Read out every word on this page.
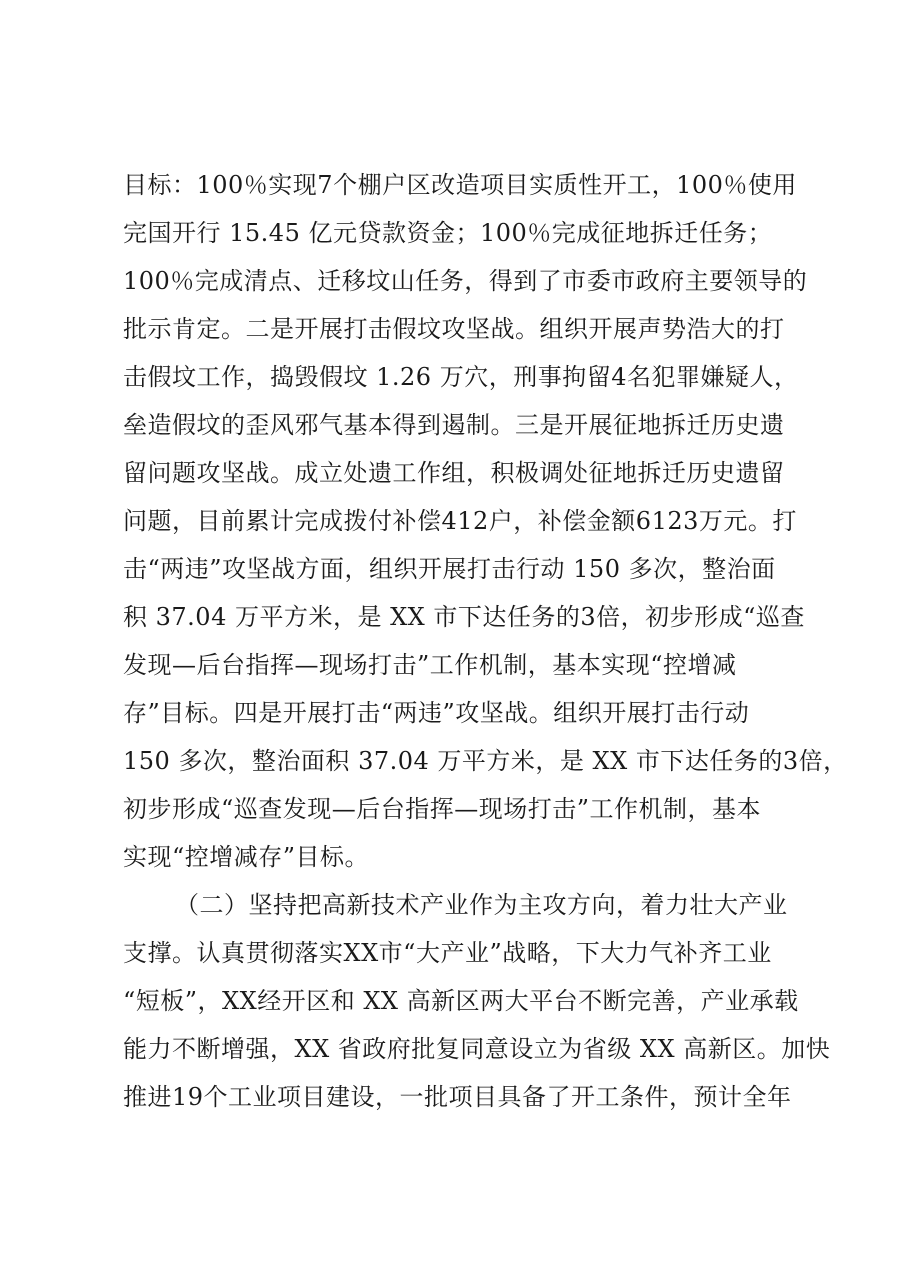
目标：100％实现7个棚户区改造项目实质性开工，100％使用
完国开行 15.45 亿元贷款资金；100％完成征地拆迁任务；
100％完成清点、迁移坟山任务，得到了市委市政府主要领导的
批示肯定。二是开展打击假坟攻坚战。组织开展声势浩大的打
击假坟工作，捣毁假坟 1.26 万穴，刑事拘留4名犯罪嫌疑人，
垒造假坟的歪风邪气基本得到遏制。三是开展征地拆迁历史遗
留问题攻坚战。成立处遗工作组，积极调处征地拆迁历史遗留
问题，目前累计完成拨付补偿412户，补偿金额6123万元。打
击“两违”攻坚战方面，组织开展打击行动 150 多次，整治面
积 37.04 万平方米，是 XX 市下达任务的3倍，初步形成“巡查
发现—后台指挥—现场打击”工作机制，基本实现“控增减
存”目标。四是开展打击“两违”攻坚战。组织开展打击行动
150 多次，整治面积 37.04 万平方米，是 XX 市下达任务的3倍，
初步形成“巡查发现—后台指挥—现场打击”工作机制，基本
实现“控增减存”目标。
（二）坚持把高新技术产业作为主攻方向，着力壮大产业
支撑。认真贯彻落实XX市“大产业”战略，下大力气补齐工业
“短板”，XX经开区和 XX 高新区两大平台不断完善，产业承载
能力不断增强，XX 省政府批复同意设立为省级 XX 高新区。加快
推进19个工业项目建设，一批项目具备了开工条件，预计全年
